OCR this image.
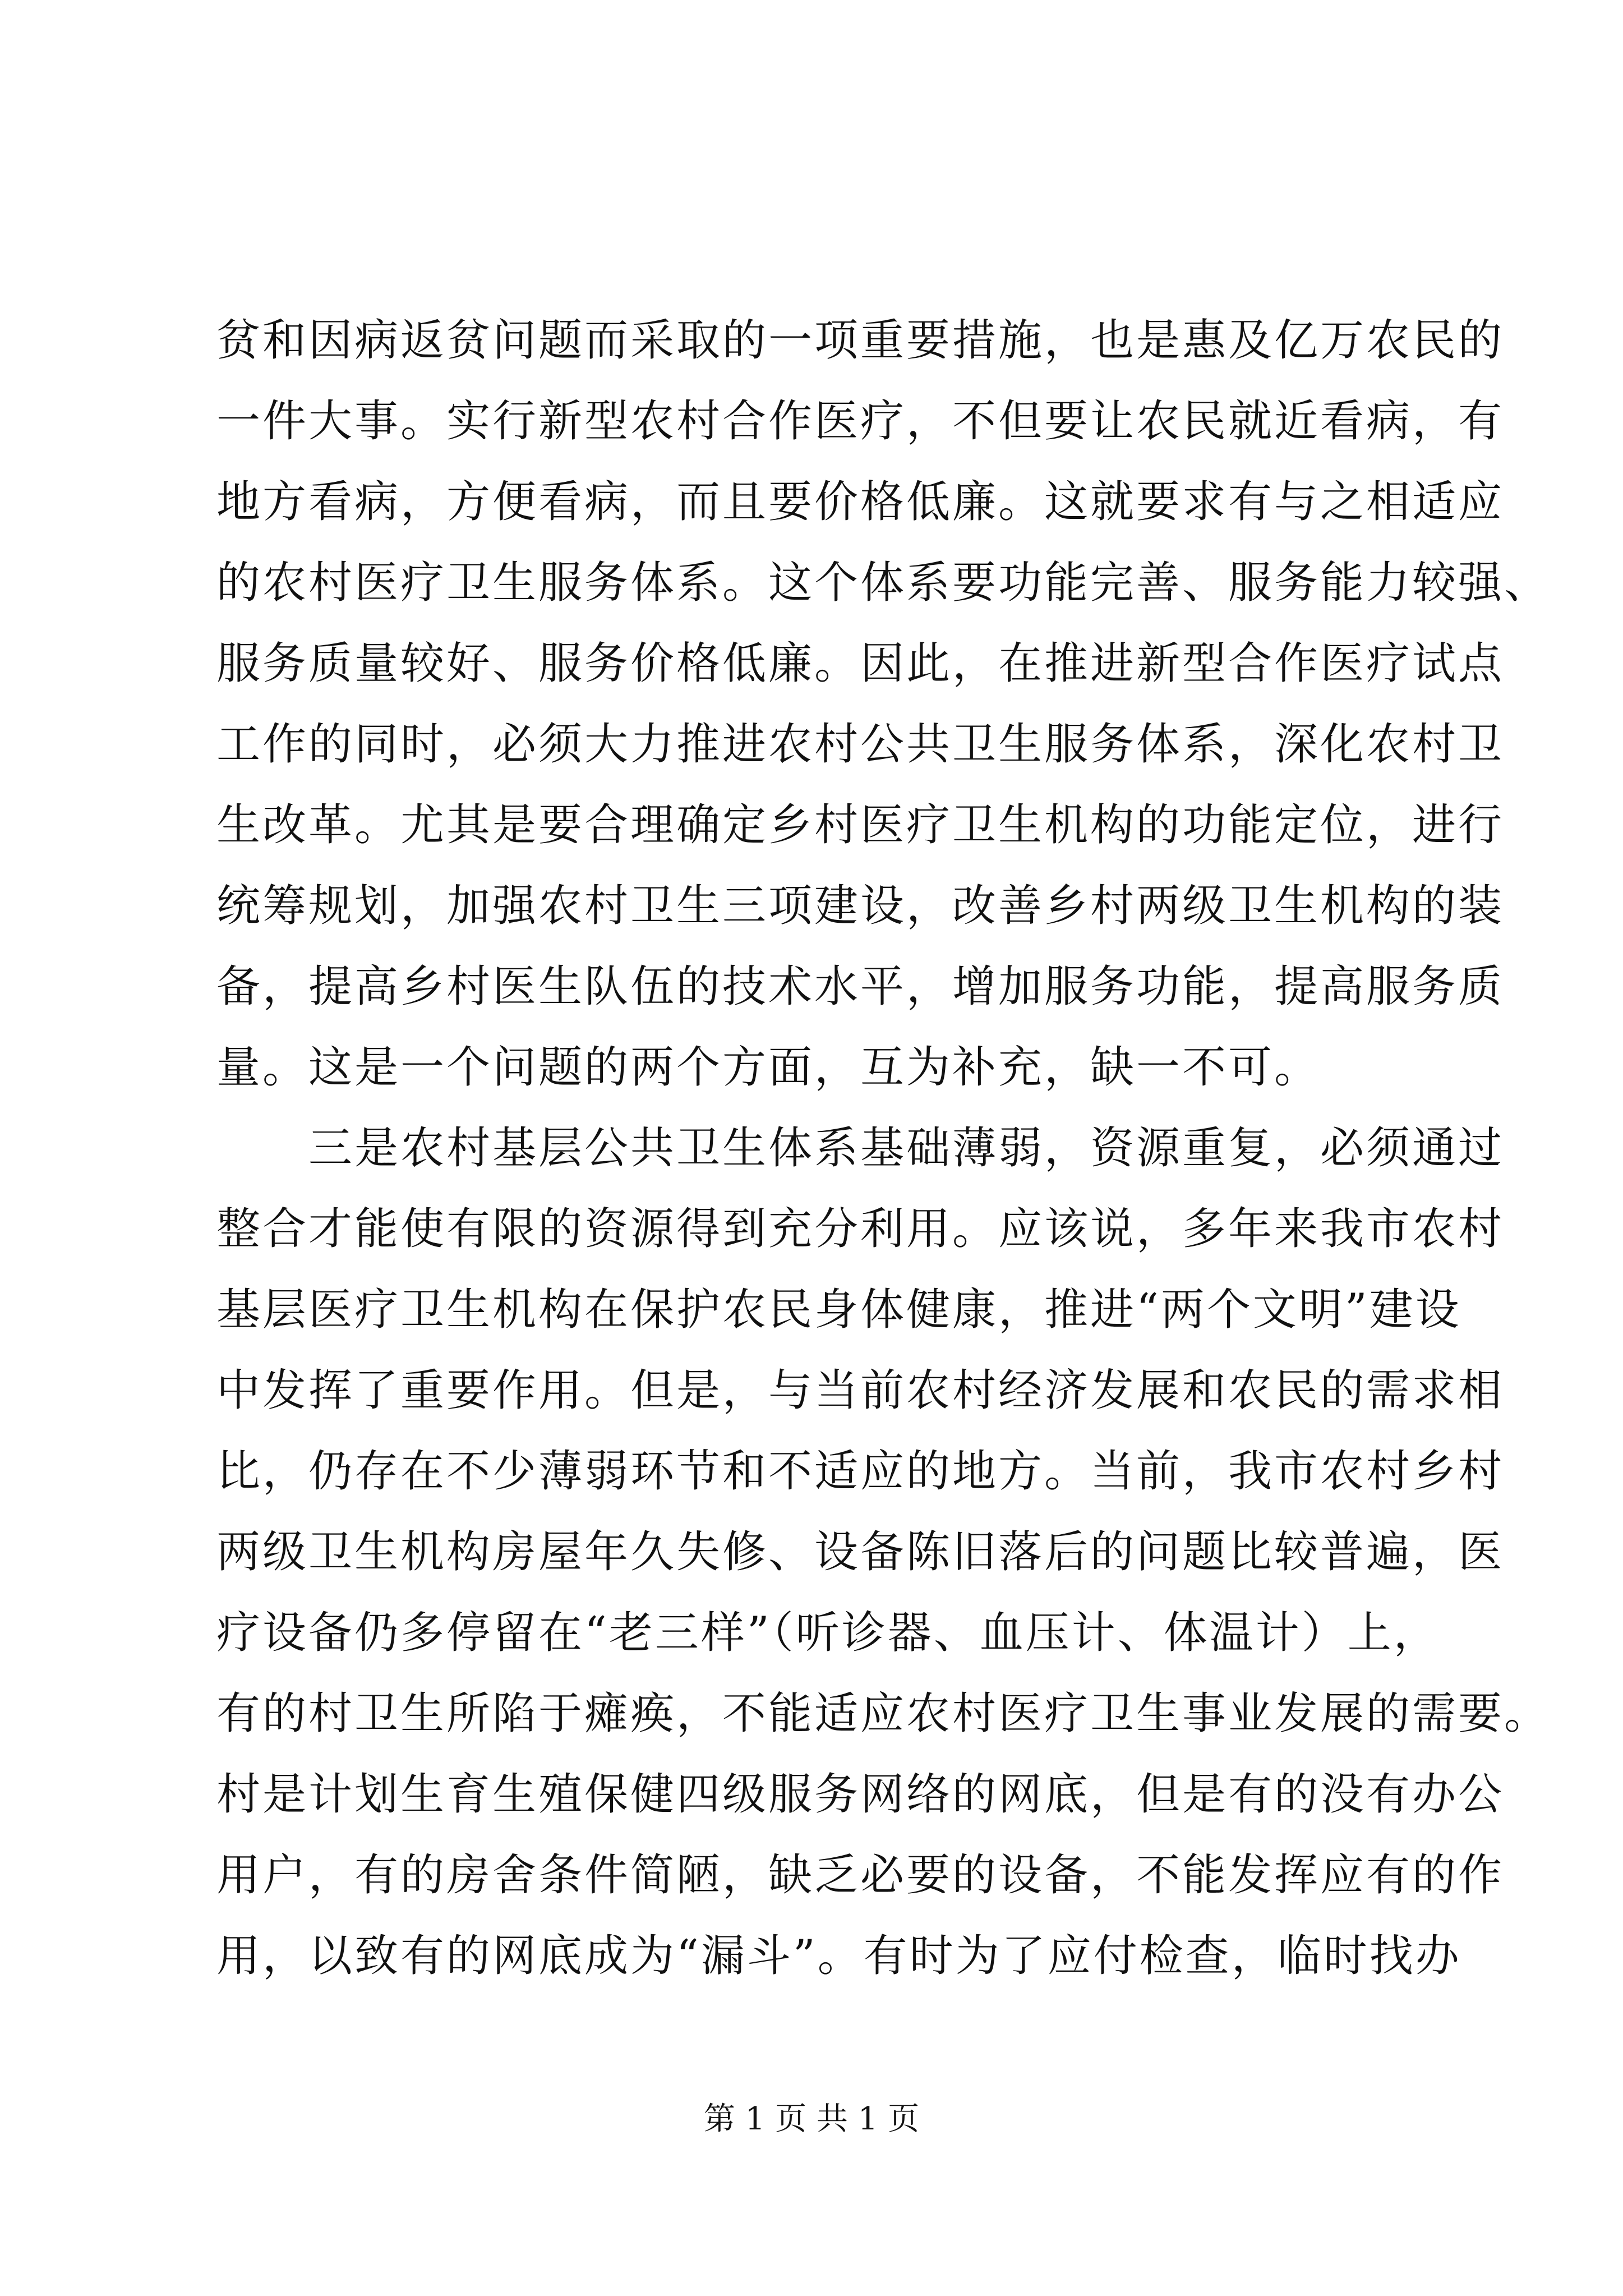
贫和因病返贫问题而采取的一项重要措施，也是惠及亿万农民的
一件大事。实行新型农村合作医疗，不但要让农民就近看病，有
地方看病，方便看病，而且要价格低廉。这就要求有与之相适应
的农村医疗卫生服务体系。这个体系要功能完善、服务能力较强、
服务质量较好、服务价格低廉。因此，在推进新型合作医疗试点
工作的同时，必须大力推进农村公共卫生服务体系，深化农村卫
生改革。尤其是要合理确定乡村医疗卫生机构的功能定位，进行
统筹规划，加强农村卫生三项建设，改善乡村两级卫生机构的装
备，提高乡村医生队伍的技术水平，增加服务功能，提高服务质
量。这是一个问题的两个方面，互为补充，缺一不可。
　　三是农村基层公共卫生体系基础薄弱，资源重复，必须通过
整合才能使有限的资源得到充分利用。应该说，多年来我市农村
基层医疗卫生机构在保护农民身体健康，推进“两个文明”建设
中发挥了重要作用。但是，与当前农村经济发展和农民的需求相
比，仍存在不少薄弱环节和不适应的地方。当前，我市农村乡村
两级卫生机构房屋年久失修、设备陈旧落后的问题比较普遍，医
疗设备仍多停留在“老三样”（听诊器、血压计、体温计）上，
有的村卫生所陷于瘫痪，不能适应农村医疗卫生事业发展的需要。
村是计划生育生殖保健四级服务网络的网底，但是有的没有办公
用户，有的房舍条件简陋，缺乏必要的设备，不能发挥应有的作
用，以致有的网底成为“漏斗”。有时为了应付检查，临时找办
第 1 页 共 1 页
